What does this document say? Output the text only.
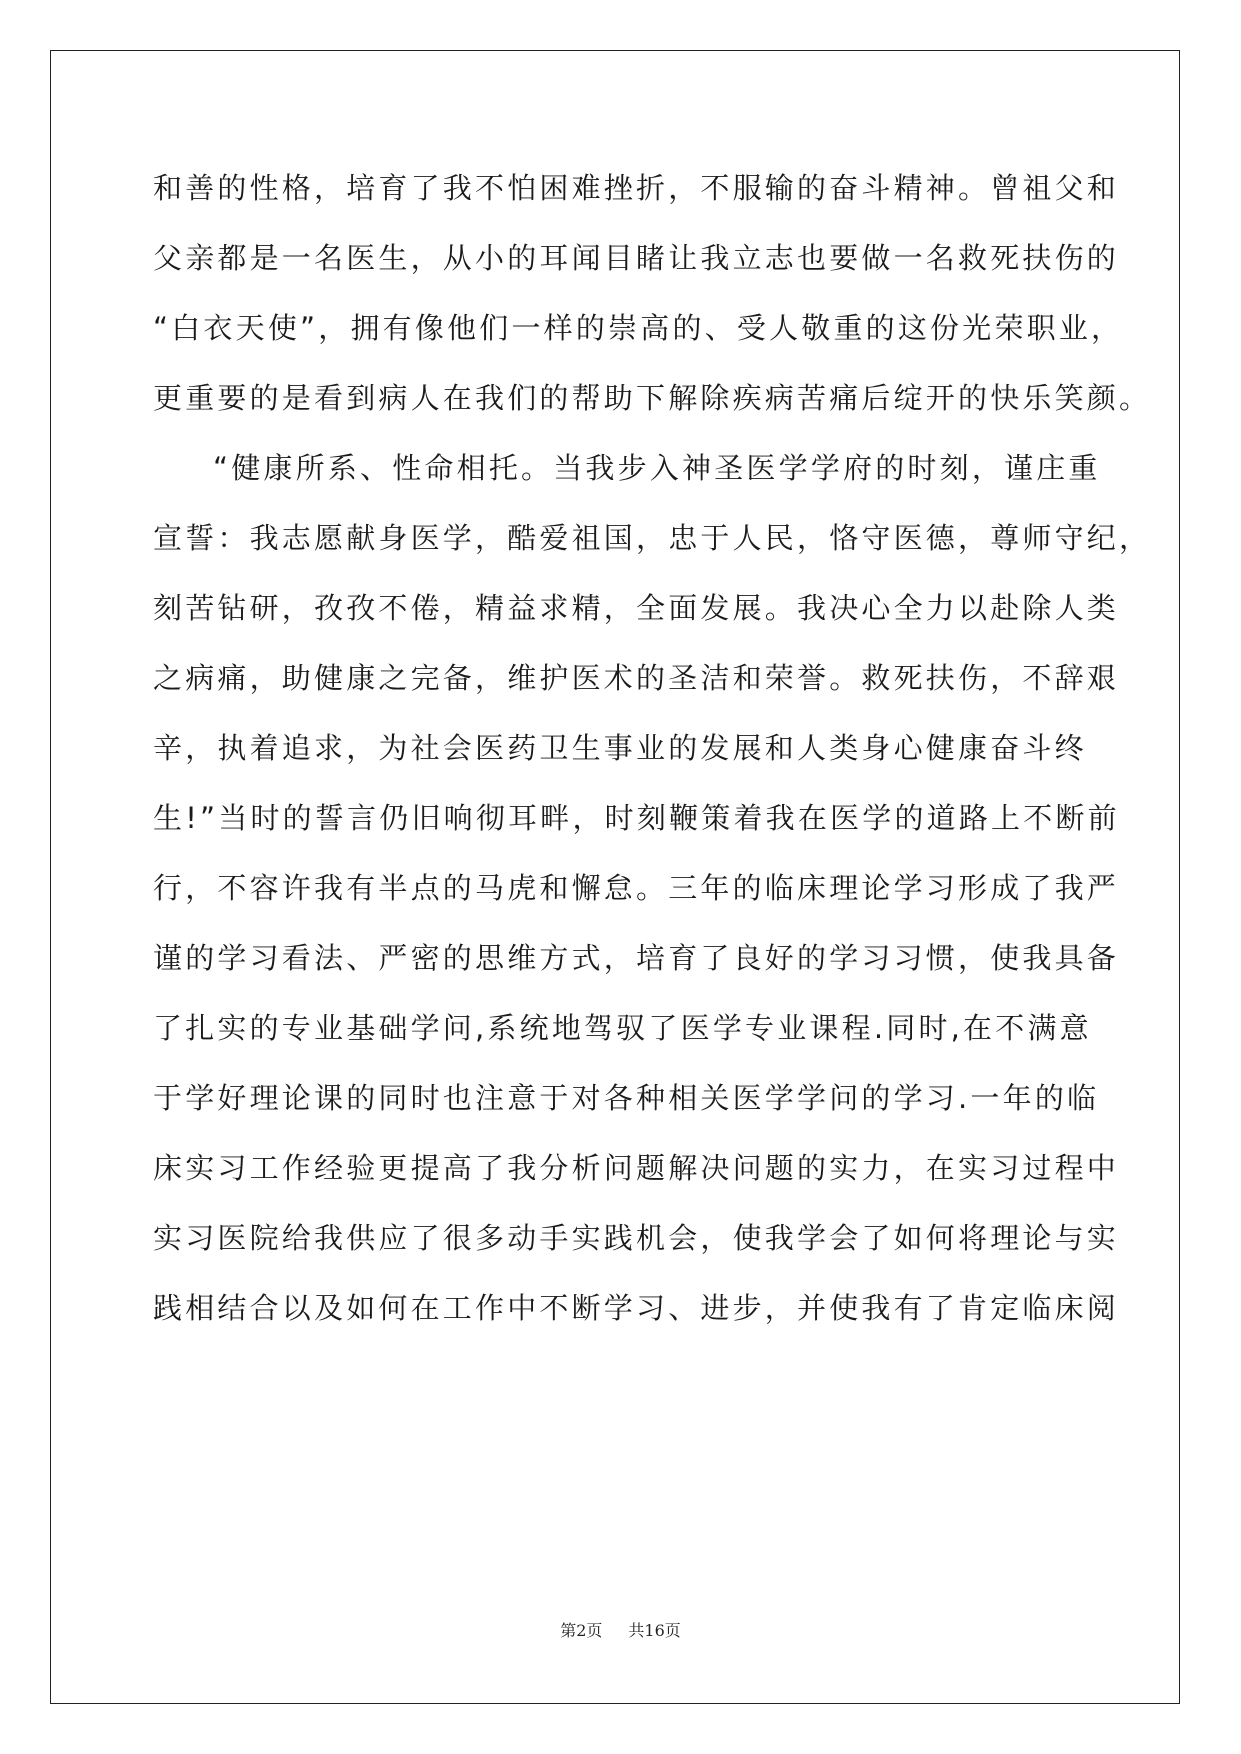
和善的性格，培育了我不怕困难挫折，不服输的奋斗精神。曾祖父和
父亲都是一名医生，从小的耳闻目睹让我立志也要做一名救死扶伤的
“白衣天使”，拥有像他们一样的崇高的、受人敬重的这份光荣职业，
更重要的是看到病人在我们的帮助下解除疾病苦痛后绽开的快乐笑颜。
“健康所系、性命相托。当我步入神圣医学学府的时刻，谨庄重
宣誓：我志愿献身医学，酷爱祖国，忠于人民，恪守医德，尊师守纪，
刻苦钻研，孜孜不倦，精益求精，全面发展。我决心全力以赴除人类
之病痛，助健康之完备，维护医术的圣洁和荣誉。救死扶伤，不辞艰
辛，执着追求，为社会医药卫生事业的发展和人类身心健康奋斗终
生!”当时的誓言仍旧响彻耳畔，时刻鞭策着我在医学的道路上不断前
行，不容许我有半点的马虎和懈怠。三年的临床理论学习形成了我严
谨的学习看法、严密的思维方式，培育了良好的学习习惯，使我具备
了扎实的专业基础学问,系统地驾驭了医学专业课程.同时,在不满意
于学好理论课的同时也注意于对各种相关医学学问的学习.一年的临
床实习工作经验更提高了我分析问题解决问题的实力，在实习过程中
实习医院给我供应了很多动手实践机会，使我学会了如何将理论与实
践相结合以及如何在工作中不断学习、进步，并使我有了肯定临床阅
第2页 共16页
